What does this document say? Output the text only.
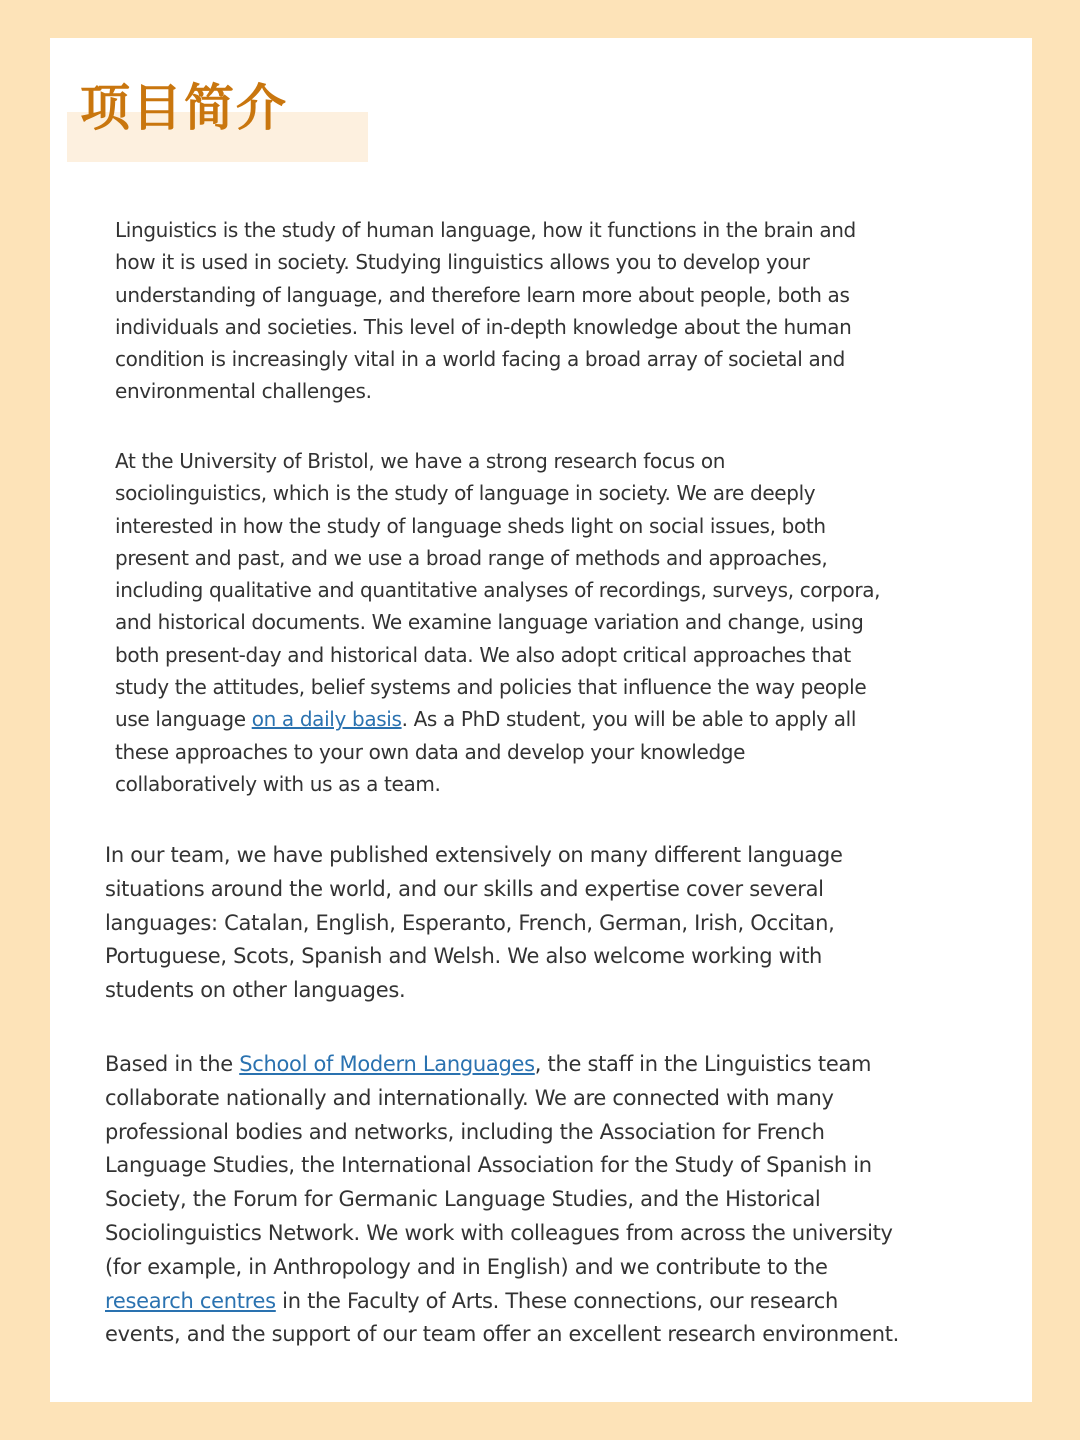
项目简介

Linguistics is the study of human language, how it functions in the brain and
how it is used in society. Studying linguistics allows you to develop your
understanding of language, and therefore learn more about people, both as
individuals and societies. This level of in-depth knowledge about the human
condition is increasingly vital in a world facing a broad array of societal and
environmental challenges.

At the University of Bristol, we have a strong research focus on
sociolinguistics, which is the study of language in society. We are deeply
interested in how the study of language sheds light on social issues, both
present and past, and we use a broad range of methods and approaches,
including qualitative and quantitative analyses of recordings, surveys, corpora,
and historical documents. We examine language variation and change, using
both present-day and historical data. We also adopt critical approaches that
study the attitudes, belief systems and policies that influence the way people
use language on a daily basis. As a PhD student, you will be able to apply all
these approaches to your own data and develop your knowledge
collaboratively with us as a team.

In our team, we have published extensively on many different language
situations around the world, and our skills and expertise cover several
languages: Catalan, English, Esperanto, French, German, Irish, Occitan,
Portuguese, Scots, Spanish and Welsh. We also welcome working with
students on other languages.

Based in the School of Modern Languages, the staff in the Linguistics team
collaborate nationally and internationally. We are connected with many
professional bodies and networks, including the Association for French
Language Studies, the International Association for the Study of Spanish in
Society, the Forum for Germanic Language Studies, and the Historical
Sociolinguistics Network. We work with colleagues from across the university
(for example, in Anthropology and in English) and we contribute to the
research centres in the Faculty of Arts. These connections, our research
events, and the support of our team offer an excellent research environment.
